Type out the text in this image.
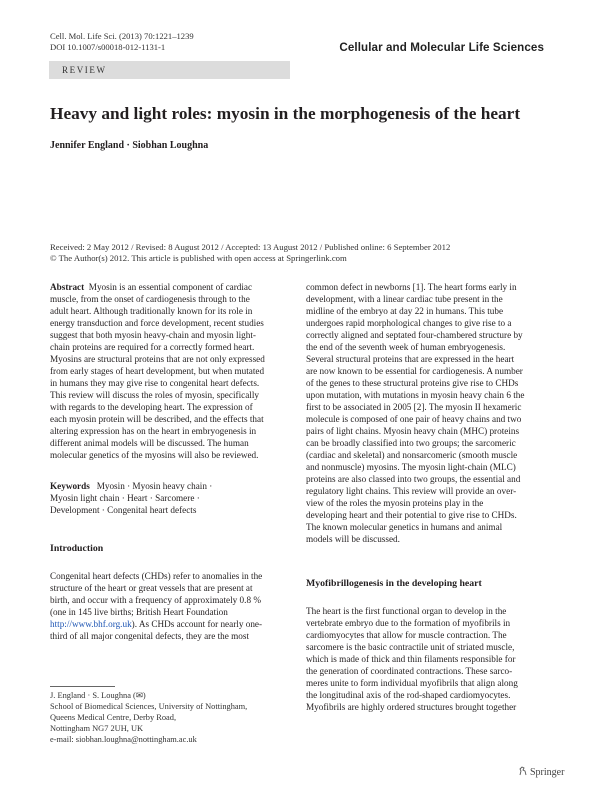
Cell. Mol. Life Sci. (2013) 70:1221–1239
DOI 10.1007/s00018-012-1131-1	Cellular and Molecular Life Sciences
REVIEW
Heavy and light roles: myosin in the morphogenesis of the heart
Jennifer England · Siobhan Loughna
Received: 2 May 2012 / Revised: 8 August 2012 / Accepted: 13 August 2012 / Published online: 6 September 2012
© The Author(s) 2012. This article is published with open access at Springerlink.com
Abstract Myosin is an essential component of cardiac
muscle, from the onset of cardiogenesis through to the
adult heart. Although traditionally known for its role in
energy transduction and force development, recent studies
suggest that both myosin heavy-chain and myosin light-
chain proteins are required for a correctly formed heart.
Myosins are structural proteins that are not only expressed
from early stages of heart development, but when mutated
in humans they may give rise to congenital heart defects.
This review will discuss the roles of myosin, specifically
with regards to the developing heart. The expression of
each myosin protein will be described, and the effects that
altering expression has on the heart in embryogenesis in
different animal models will be discussed. The human
molecular genetics of the myosins will also be reviewed.
Keywords Myosin · Myosin heavy chain ·
Myosin light chain · Heart · Sarcomere ·
Development · Congenital heart defects
Introduction
Congenital heart defects (CHDs) refer to anomalies in the
structure of the heart or great vessels that are present at
birth, and occur with a frequency of approximately 0.8 %
(one in 145 live births; British Heart Foundation
http://www.bhf.org.uk). As CHDs account for nearly one-
third of all major congenital defects, they are the most
J. England · S. Loughna (✉)
School of Biomedical Sciences, University of Nottingham,
Queens Medical Centre, Derby Road,
Nottingham NG7 2UH, UK
e-mail: siobhan.loughna@nottingham.ac.uk
common defect in newborns [1]. The heart forms early in
development, with a linear cardiac tube present in the
midline of the embryo at day 22 in humans. This tube
undergoes rapid morphological changes to give rise to a
correctly aligned and septated four-chambered structure by
the end of the seventh week of human embryogenesis.
Several structural proteins that are expressed in the heart
are now known to be essential for cardiogenesis. A number
of the genes to these structural proteins give rise to CHDs
upon mutation, with mutations in myosin heavy chain 6 the
first to be associated in 2005 [2]. The myosin II hexameric
molecule is composed of one pair of heavy chains and two
pairs of light chains. Myosin heavy chain (MHC) proteins
can be broadly classified into two groups; the sarcomeric
(cardiac and skeletal) and nonsarcomeric (smooth muscle
and nonmuscle) myosins. The myosin light-chain (MLC)
proteins are also classed into two groups, the essential and
regulatory light chains. This review will provide an over-
view of the roles the myosin proteins play in the
developing heart and their potential to give rise to CHDs.
The known molecular genetics in humans and animal
models will be discussed.
Myofibrillogenesis in the developing heart
The heart is the first functional organ to develop in the
vertebrate embryo due to the formation of myofibrils in
cardiomyocytes that allow for muscle contraction. The
sarcomere is the basic contractile unit of striated muscle,
which is made of thick and thin filaments responsible for
the generation of coordinated contractions. These sarco-
meres unite to form individual myofibrils that align along
the longitudinal axis of the rod-shaped cardiomyocytes.
Myofibrils are highly ordered structures brought together
Springer
